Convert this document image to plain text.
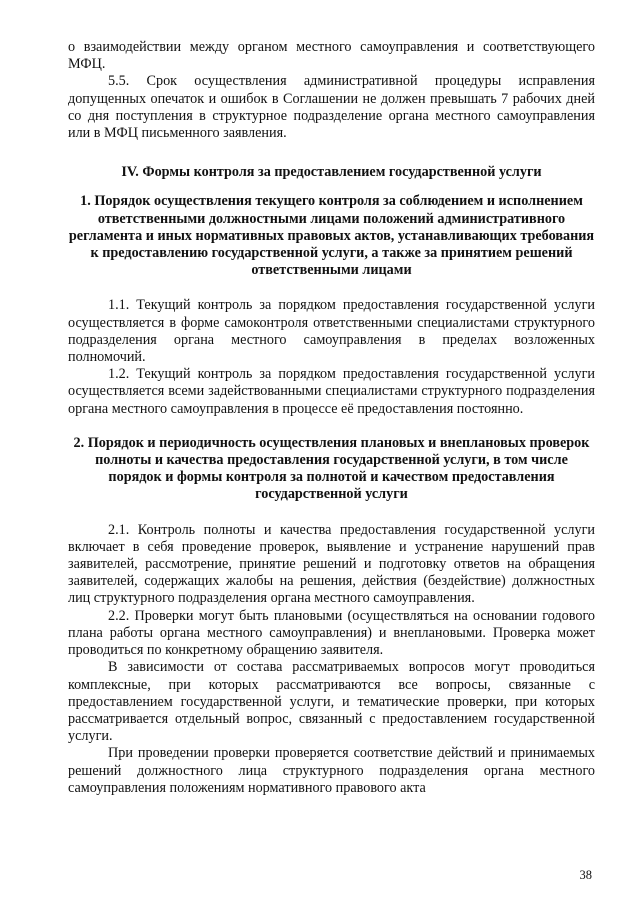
о взаимодействии между органом местного самоуправления и соответствующего МФЦ.

5.5. Срок осуществления административной процедуры исправления допущенных опечаток и ошибок в Соглашении не должен превышать 7 рабочих дней со дня поступления в структурное подразделение органа местного самоуправления или в МФЦ письменного заявления.

IV. Формы контроля за предоставлением государственной услуги
1. Порядок осуществления текущего контроля за соблюдением и исполнением ответственными должностными лицами положений административного регламента и иных нормативных правовых актов, устанавливающих требования к предоставлению государственной услуги, а также за принятием решений ответственными лицами

1.1. Текущий контроль за порядком предоставления государственной услуги осуществляется в форме самоконтроля ответственными специалистами структурного подразделения органа местного самоуправления в пределах возложенных полномочий.

1.2. Текущий контроль за порядком предоставления государственной услуги осуществляется всеми задействованными специалистами структурного подразделения органа местного самоуправления в процессе её предоставления постоянно.

2. Порядок и периодичность осуществления плановых и внеплановых проверок полноты и качества предоставления государственной услуги, в том числе порядок и формы контроля за полнотой и качеством предоставления государственной услуги

2.1. Контроль полноты и качества предоставления государственной услуги включает в себя проведение проверок, выявление и устранение нарушений прав заявителей, рассмотрение, принятие решений и подготовку ответов на обращения заявителей, содержащих жалобы на решения, действия (бездействие) должностных лиц структурного подразделения органа местного самоуправления.

2.2. Проверки могут быть плановыми (осуществляться на основании годового плана работы органа местного самоуправления) и внеплановыми. Проверка может проводиться по конкретному обращению заявителя.

В зависимости от состава рассматриваемых вопросов могут проводиться комплексные, при которых рассматриваются все вопросы, связанные с предоставлением государственной услуги, и тематические проверки, при которых рассматривается отдельный вопрос, связанный с предоставлением государственной услуги.

При проведении проверки проверяется соответствие действий и принимаемых решений должностного лица структурного подразделения органа местного самоуправления положениям нормативного правового акта

38
